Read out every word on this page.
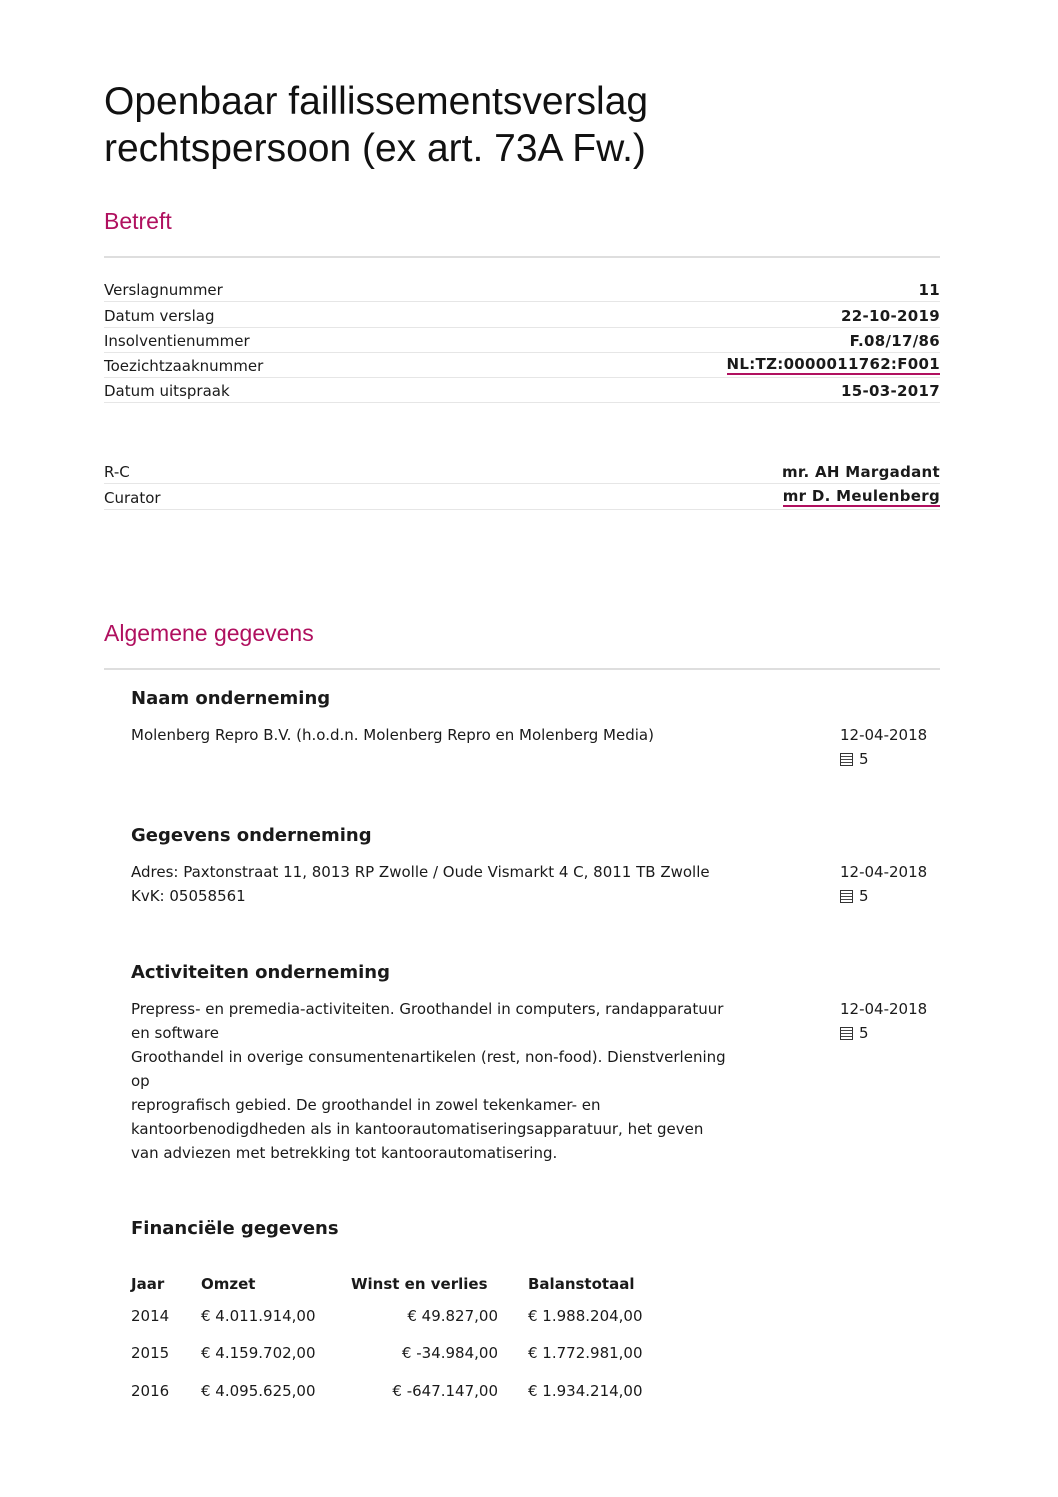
Openbaar faillissementsverslag
rechtspersoon (ex art. 73A Fw.)
Betreft
Verslagnummer	11
Datum verslag	22-10-2019
Insolventienummer	F.08/17/86
Toezichtzaaknummer	NL:TZ:0000011762:F001
Datum uitspraak	15-03-2017
R-C	mr. AH Margadant
Curator	mr D. Meulenberg
Algemene gegevens
Naam onderneming
Molenberg Repro B.V. (h.o.d.n. Molenberg Repro en Molenberg Media)	12-04-2018
5
Gegevens onderneming
Adres: Paxtonstraat 11, 8013 RP Zwolle / Oude Vismarkt 4 C, 8011 TB Zwolle
KvK: 05058561
12-04-2018
5
Activiteiten onderneming
Prepress- en premedia-activiteiten. Groothandel in computers, randapparatuur
en software
Groothandel in overige consumentenartikelen (rest, non-food). Dienstverlening
op
reprografisch gebied. De groothandel in zowel tekenkamer- en
kantoorbenodigdheden als in kantoorautomatiseringsapparatuur, het geven
van adviezen met betrekking tot kantoorautomatisering.
12-04-2018
5
Financiële gegevens
Jaar	Omzet	Winst en verlies	Balanstotaal
2014	€ 4.011.914,00	€ 49.827,00	€ 1.988.204,00
2015	€ 4.159.702,00	€ -34.984,00	€ 1.772.981,00
2016	€ 4.095.625,00	€ -647.147,00	€ 1.934.214,00
